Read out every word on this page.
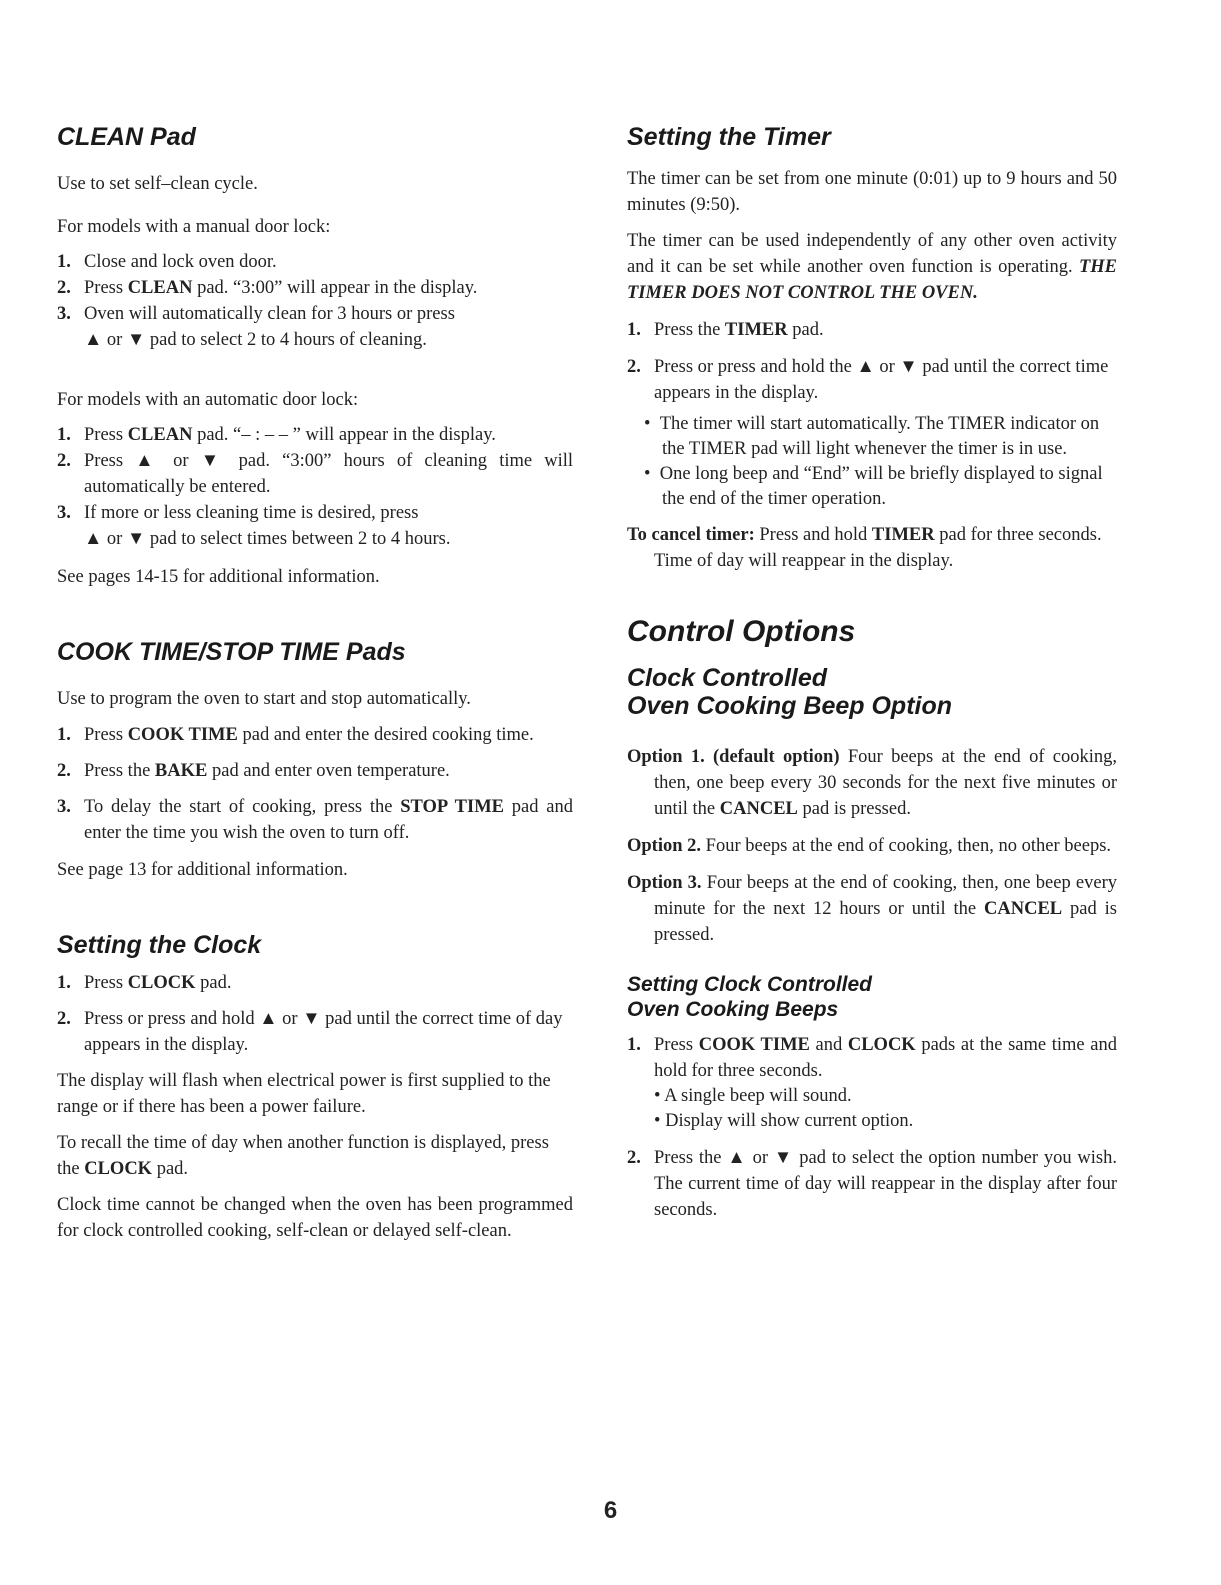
CLEAN Pad

Use to set self–clean cycle.

For models with a manual door lock:

1. Close and lock oven door.
2. Press CLEAN pad. “3:00” will appear in the display.
3. Oven will automatically clean for 3 hours or press
▲ or ▼ pad to select 2 to 4 hours of cleaning.

For models with an automatic door lock:

1. Press CLEAN pad. “– : – – ” will appear in the display.
2. Press ▲ or ▼ pad. “3:00” hours of cleaning time will automatically be entered.
3. If more or less cleaning time is desired, press
▲ or ▼ pad to select times between 2 to 4 hours.

See pages 14-15 for additional information.

COOK TIME/STOP TIME Pads

Use to program the oven to start and stop automatically.

1. Press COOK TIME pad and enter the desired cooking time.
2. Press the BAKE pad and enter oven temperature.
3. To delay the start of cooking, press the STOP TIME pad and enter the time you wish the oven to turn off.

See page 13 for additional information.

Setting the Clock
1. Press CLOCK pad.
2. Press or press and hold ▲ or ▼ pad until the correct time of day appears in the display.

The display will flash when electrical power is first supplied to the range or if there has been a power failure.

To recall the time of day when another function is displayed, press the CLOCK pad.

Clock time cannot be changed when the oven has been programmed for clock controlled cooking, self-clean or delayed self-clean.

Setting the Timer

The timer can be set from one minute (0:01) up to 9 hours and 50 minutes (9:50).

The timer can be used independently of any other oven activity and it can be set while another oven function is operating. THE TIMER DOES NOT CONTROL THE OVEN.

1. Press the TIMER pad.
2. Press or press and hold the ▲ or ▼ pad until the correct time appears in the display.
•  The timer will start automatically. The TIMER indicator on the TIMER pad will light whenever the timer is in use.
•  One long beep and “End” will be briefly displayed to signal the end of the timer operation.

To cancel timer: Press and hold TIMER pad for three seconds. Time of day will reappear in the display.

Control Options
Clock Controlled
Oven Cooking Beep Option

Option 1. (default option) Four beeps at the end of cooking, then, one beep every 30 seconds for the next five minutes or until the CANCEL pad is pressed.

Option 2. Four beeps at the end of cooking, then, no other beeps.

Option 3. Four beeps at the end of cooking, then, one beep every minute for the next 12 hours or until the CANCEL pad is pressed.

Setting Clock Controlled
Oven Cooking Beeps
1. Press COOK TIME and CLOCK pads at the same time and hold for three seconds.
• A single beep will sound.
• Display will show current option.
2. Press the ▲ or ▼ pad to select the option number you wish. The current time of day will reappear in the display after four seconds.
6
